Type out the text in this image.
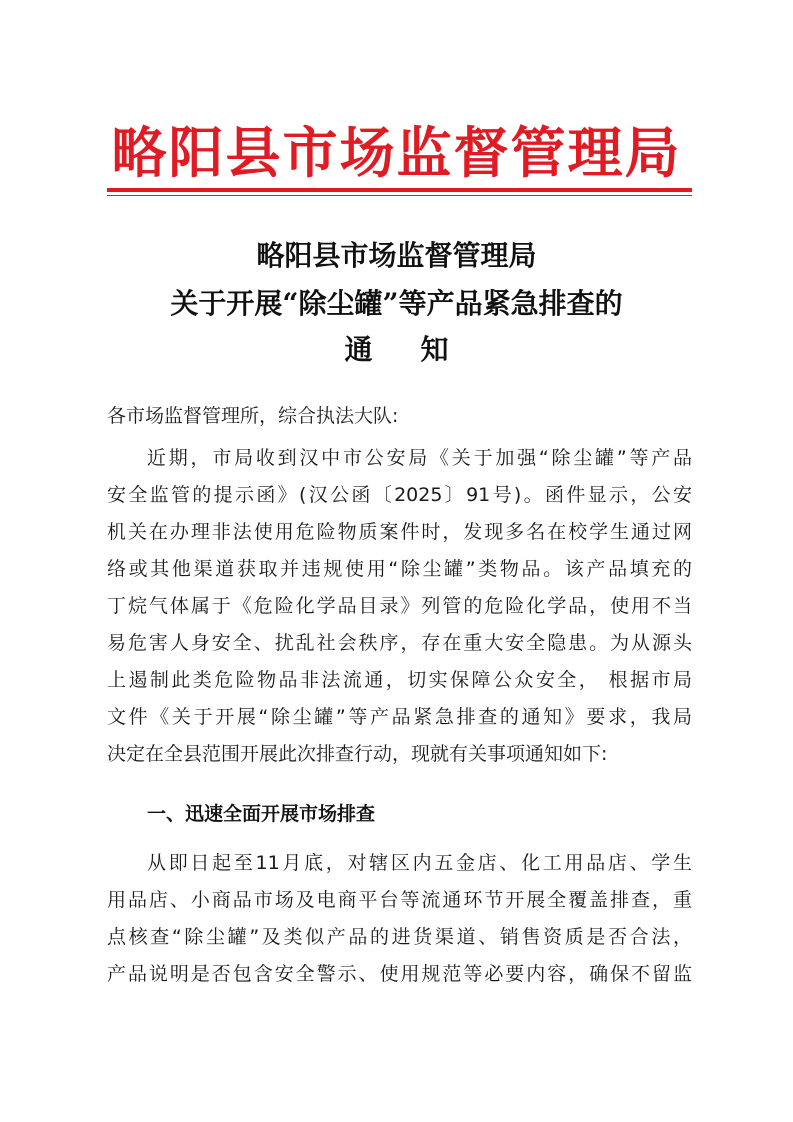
略阳县市场监督管理局
略阳县市场监督管理局
关于开展“除尘罐”等产品紧急排查的
通知
各市场监督管理所，综合执法大队:
近期，市局收到汉中市公安局《关于加强“除尘罐”等产品
安全监管的提示函》(汉公函〔2025〕91号)。函件显示，公安
机关在办理非法使用危险物质案件时，发现多名在校学生通过网
络或其他渠道获取并违规使用“除尘罐”类物品。该产品填充的
丁烷气体属于《危险化学品目录》列管的危险化学品，使用不当
易危害人身安全、扰乱社会秩序，存在重大安全隐患。为从源头
上遏制此类危险物品非法流通，切实保障公众安全， 根据市局
文件《关于开展“除尘罐”等产品紧急排查的通知》要求，我局
决定在全县范围开展此次排查行动，现就有关事项通知如下:
一、迅速全面开展市场排查
从即日起至11月底，对辖区内五金店、化工用品店、学生
用品店、小商品市场及电商平台等流通环节开展全覆盖排查，重
点核查“除尘罐”及类似产品的进货渠道、销售资质是否合法，
产品说明是否包含安全警示、使用规范等必要内容，确保不留监
